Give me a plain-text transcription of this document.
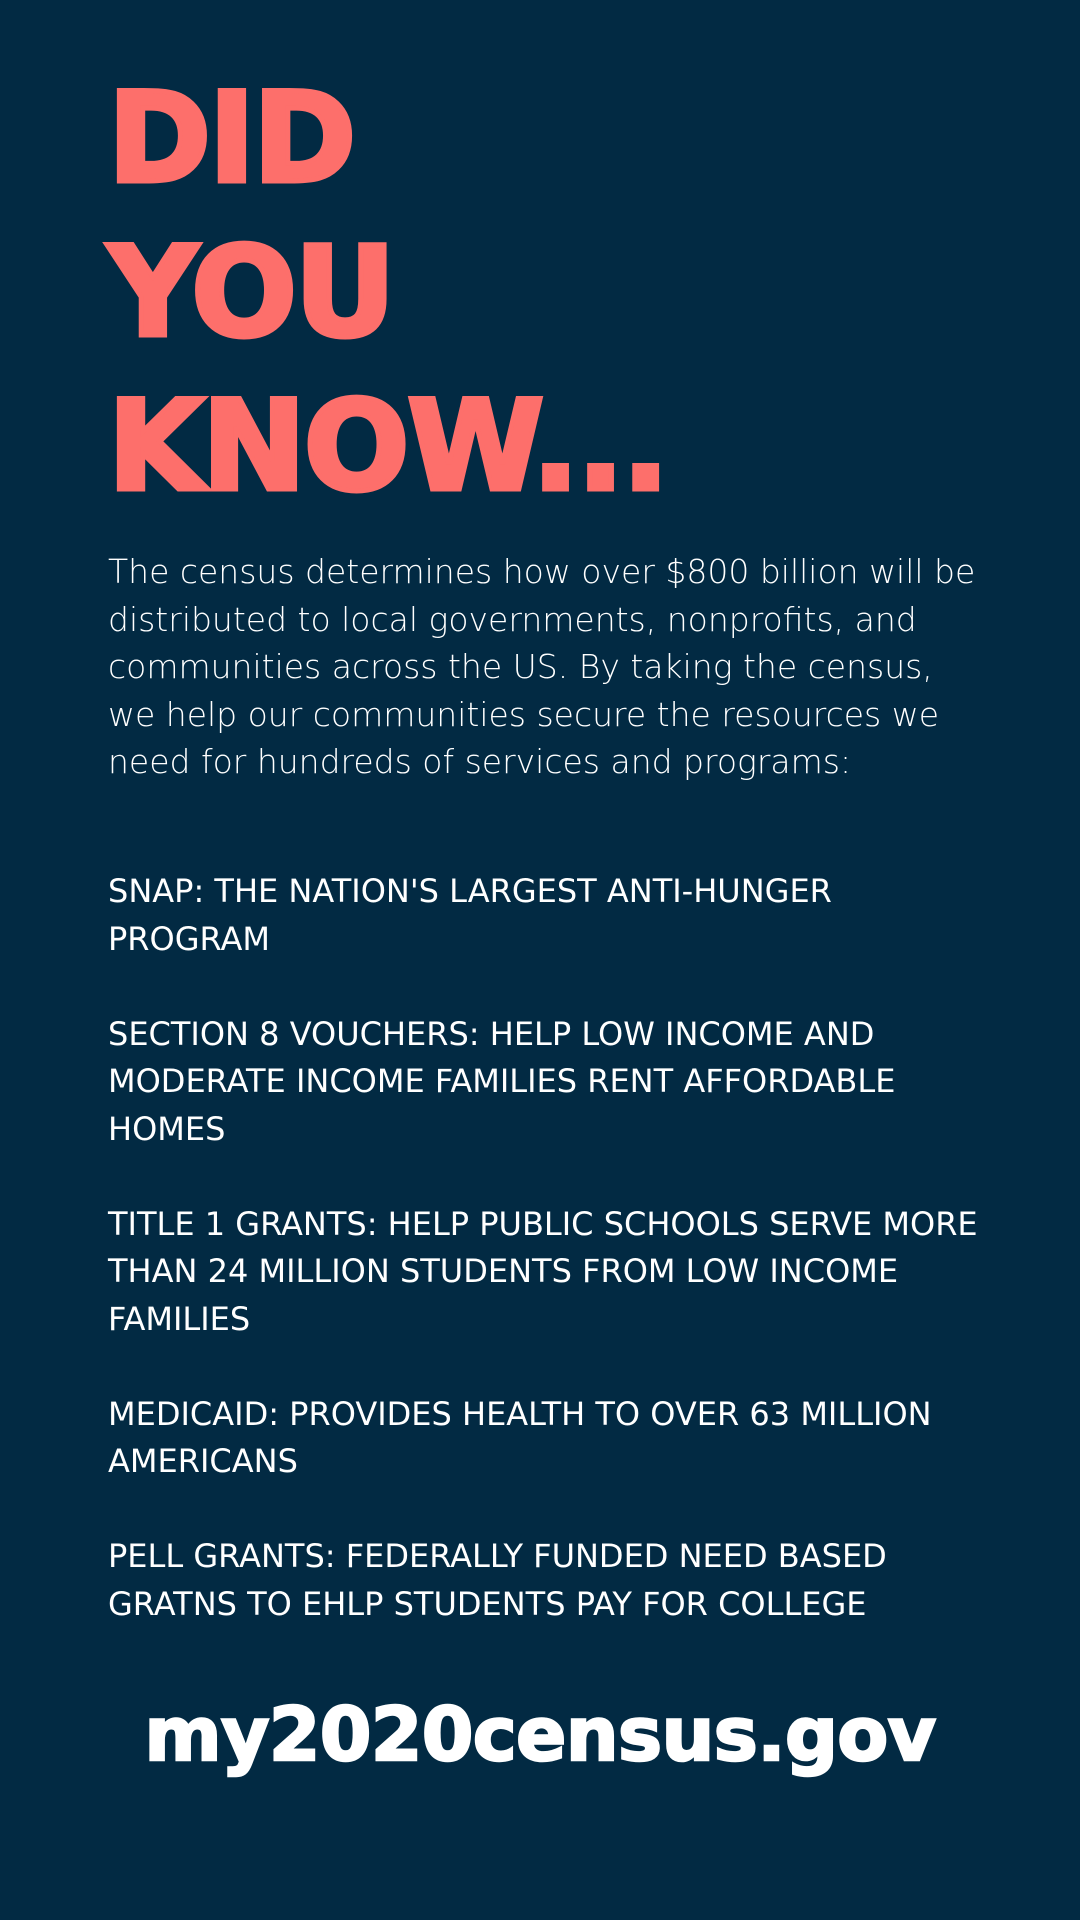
DID
YOU
KNOW...

The census determines how over $800 billion will be distributed to local governments, nonprofits, and communities across the US. By taking the census, we help our communities secure the resources we need for hundreds of services and programs:

SNAP: THE NATION'S LARGEST ANTI-HUNGER PROGRAM
SECTION 8 VOUCHERS: HELP LOW INCOME AND MODERATE INCOME FAMILIES RENT AFFORDABLE HOMES
TITLE 1 GRANTS: HELP PUBLIC SCHOOLS SERVE MORE THAN 24 MILLION STUDENTS FROM LOW INCOME FAMILIES
MEDICAID: PROVIDES HEALTH TO OVER 63 MILLION AMERICANS
PELL GRANTS: FEDERALLY FUNDED NEED BASED GRATNS TO EHLP STUDENTS PAY FOR COLLEGE
my2020census.gov
